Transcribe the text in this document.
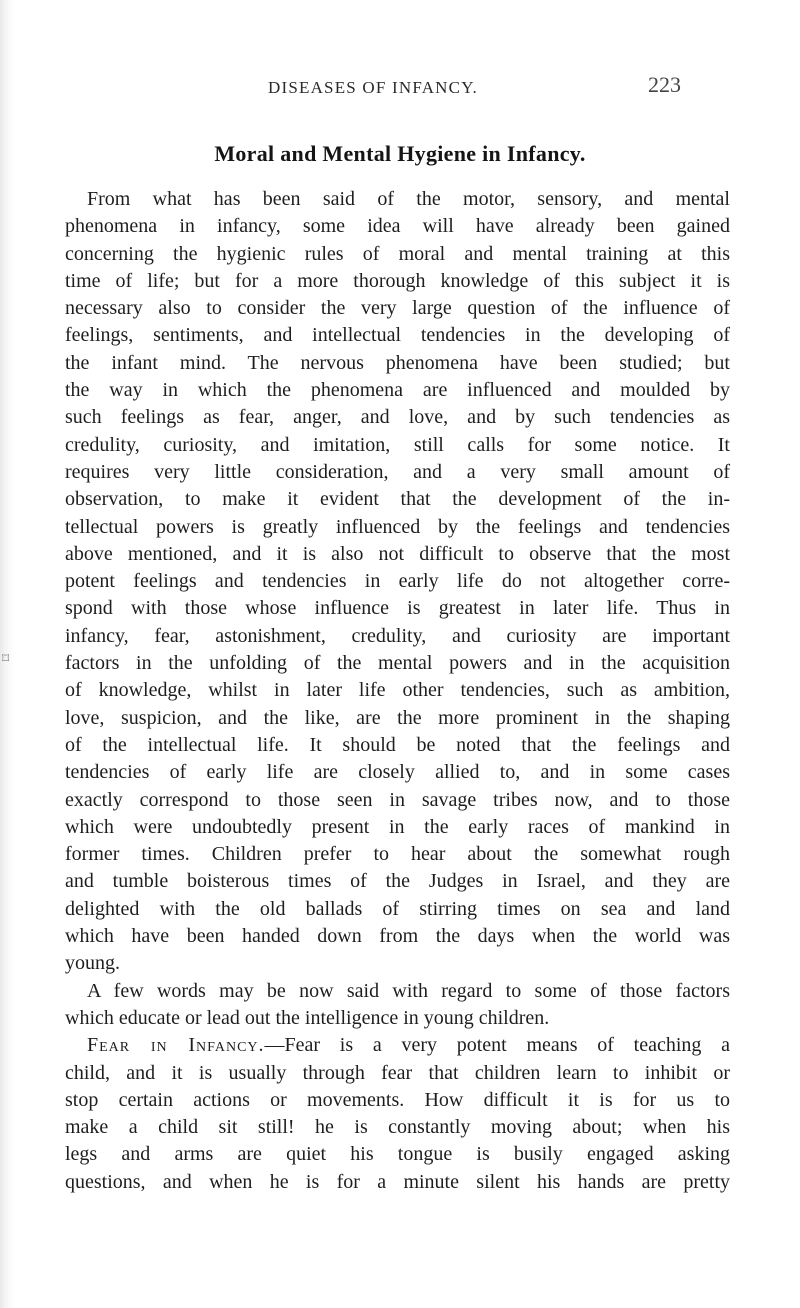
DISEASES OF INFANCY.	223
⌑
Moral and Mental Hygiene in Infancy.
From what has been said of the motor, sensory, and mental
phenomena in infancy, some idea will have already been gained
concerning the hygienic rules of moral and mental training at this
time of life; but for a more thorough knowledge of this subject it is
necessary also to consider the very large question of the influence of
feelings, sentiments, and intellectual tendencies in the developing of
the infant mind. The nervous phenomena have been studied; but
the way in which the phenomena are influenced and moulded by
such feelings as fear, anger, and love, and by such tendencies as
credulity, curiosity, and imitation, still calls for some notice. It
requires very little consideration, and a very small amount of
observation, to make it evident that the development of the in-
tellectual powers is greatly influenced by the feelings and tendencies
above mentioned, and it is also not difficult to observe that the most
potent feelings and tendencies in early life do not altogether corre-
spond with those whose influence is greatest in later life. Thus in
infancy, fear, astonishment, credulity, and curiosity are important
factors in the unfolding of the mental powers and in the acquisition
of knowledge, whilst in later life other tendencies, such as ambition,
love, suspicion, and the like, are the more prominent in the shaping
of the intellectual life. It should be noted that the feelings and
tendencies of early life are closely allied to, and in some cases
exactly correspond to those seen in savage tribes now, and to those
which were undoubtedly present in the early races of mankind in
former times. Children prefer to hear about the somewhat rough
and tumble boisterous times of the Judges in Israel, and they are
delighted with the old ballads of stirring times on sea and land
which have been handed down from the days when the world was
young.
A few words may be now said with regard to some of those factors
which educate or lead out the intelligence in young children.
Fear in Infancy.—Fear is a very potent means of teaching a
child, and it is usually through fear that children learn to inhibit or
stop certain actions or movements. How difficult it is for us to
make a child sit still! he is constantly moving about; when his
legs and arms are quiet his tongue is busily engaged asking
questions, and when he is for a minute silent his hands are pretty
